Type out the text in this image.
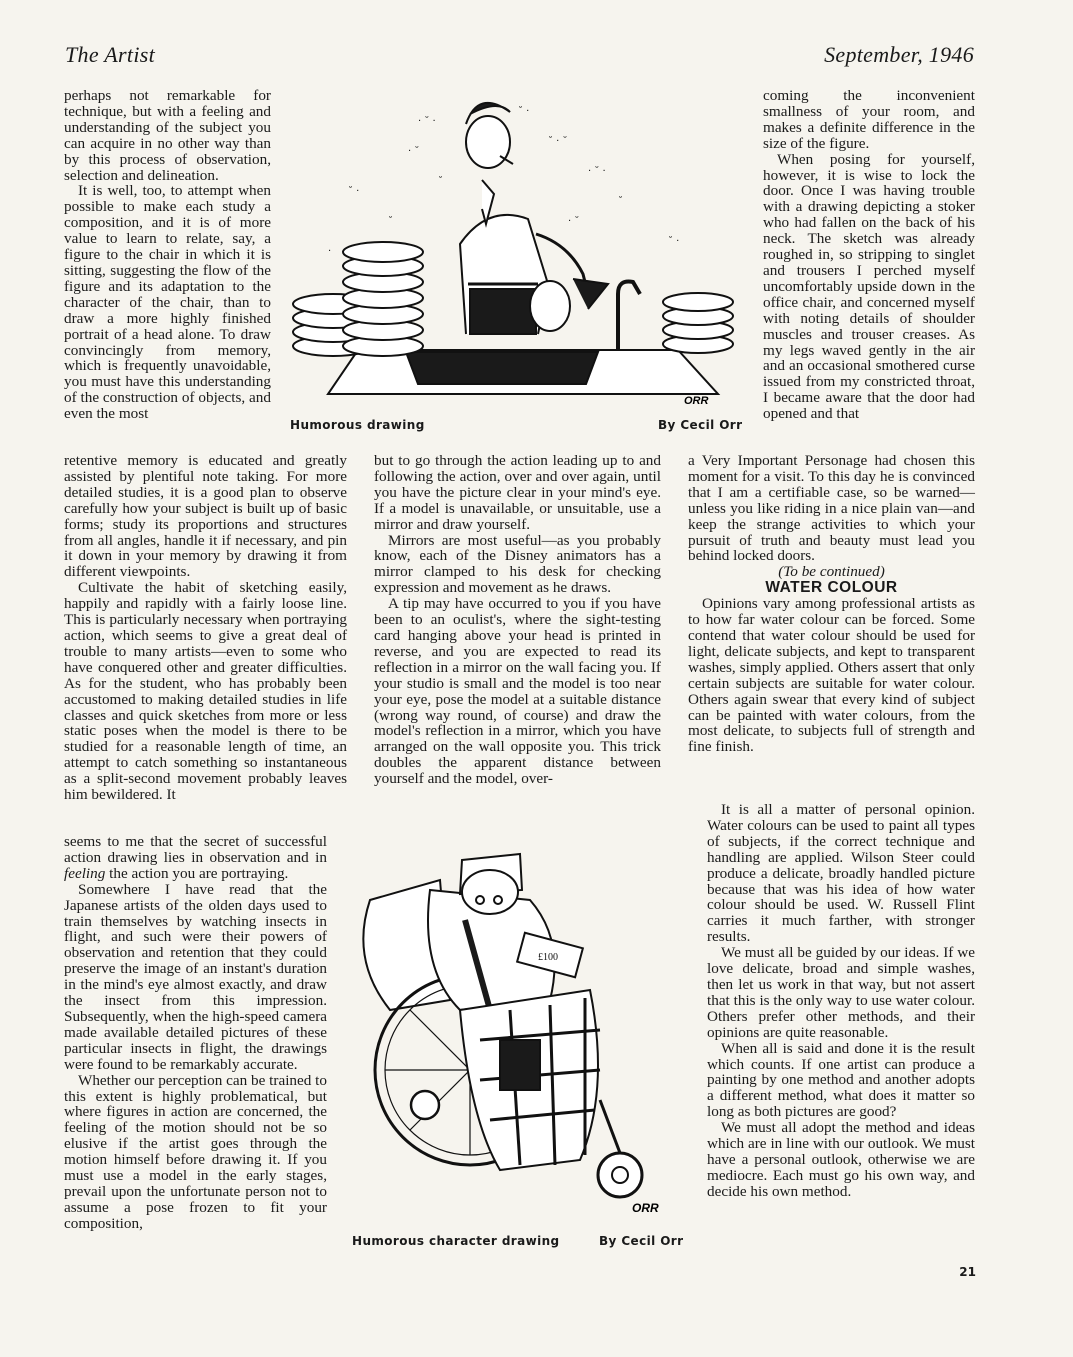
The Artist	September, 1946

perhaps not remarkable for technique, but with a feeling and understanding of the subject you can acquire in no other way than by this process of observation, selection and delineation.

It is well, too, to attempt when possible to make each study a composition, and it is of more value to learn to relate, say, a figure to the chair in which it is sitting, suggesting the flow of the figure and its adaptation to the character of the chair, than to draw a more highly finished portrait of a head alone. To draw convincingly from memory, which is frequently unavoidable, you must have this understanding of the construction of objects, and even the most

retentive memory is educated and greatly assisted by plentiful note taking. For more detailed studies, it is a good plan to observe carefully how your subject is built up of basic forms; study its proportions and structures from all angles, handle it if necessary, and pin it down in your memory by drawing it from different viewpoints.

Cultivate the habit of sketching easily, happily and rapidly with a fairly loose line. This is particularly necessary when portraying action, which seems to give a great deal of trouble to many artists—even to some who have conquered other and greater difficulties. As for the student, who has probably been accustomed to making detailed studies in life classes and quick sketches from more or less static poses when the model is there to be studied for a reasonable length of time, an attempt to catch something so instantaneous as a split-second movement probably leaves him bewildered. It

seems to me that the secret of successful action drawing lies in observation and in feeling the action you are portraying.

Somewhere I have read that the Japanese artists of the olden days used to train themselves by watching insects in flight, and such were their powers of observation and retention that they could preserve the image of an instant's duration in the mind's eye almost exactly, and draw the insect from this impression. Subsequently, when the high-speed camera made available detailed pictures of these particular insects in flight, the drawings were found to be remarkably accurate.

Whether our perception can be trained to this extent is highly problematical, but where figures in action are concerned, the feeling of the motion should not be so elusive if the artist goes through the motion himself before drawing it. If you must use a model in the early stages, prevail upon the unfortunate person not to assume a pose frozen to fit your composition,

but to go through the action leading up to and following the action, over and over again, until you have the picture clear in your mind's eye. If a model is unavailable, or unsuitable, use a mirror and draw yourself.

Mirrors are most useful—as you probably know, each of the Disney animators has a mirror clamped to his desk for checking expression and movement as he draws.

A tip may have occurred to you if you have been to an oculist's, where the sight-testing card hanging above your head is printed in reverse, and you are expected to read its reflection in a mirror on the wall facing you. If your studio is small and the model is too near your eye, pose the model at a suitable distance (wrong way round, of course) and draw the model's reflection in a mirror, which you have arranged on the wall opposite you. This trick doubles the apparent distance between yourself and the model, over-

coming the inconvenient smallness of your room, and makes a definite difference in the size of the figure.

When posing for yourself, however, it is wise to lock the door. Once I was having trouble with a drawing depicting a stoker who had fallen on the back of his neck. The sketch was already roughed in, so stripping to singlet and trousers I perched myself uncomfortably upside down in the office chair, and concerned myself with noting details of shoulder muscles and trouser creases. As my legs waved gently in the air and an occasional smothered curse issued from my constricted throat, I became aware that the door had opened and that

a Very Important Personage had chosen this moment for a visit. To this day he is convinced that I am a certifiable case, so be warned—unless you like riding in a nice plain van—and keep the strange activities to which your pursuit of truth and beauty must lead you behind locked doors.

(To be continued)

WATER COLOUR

Opinions vary among professional artists as to how far water colour can be forced. Some contend that water colour should be used for light, delicate subjects, and kept to transparent washes, simply applied. Others assert that only certain subjects are suitable for water colour. Others again swear that every kind of subject can be painted with water colours, from the most delicate, to subjects full of strength and fine finish.

It is all a matter of personal opinion. Water colours can be used to paint all types of subjects, if the correct technique and handling are applied. Wilson Steer could produce a delicate, broadly handled picture because that was his idea of how water colour should be used. W. Russell Flint carries it much farther, with stronger results.

We must all be guided by our ideas. If we love delicate, broad and simple washes, then let us work in that way, but not assert that this is the only way to use water colour. Others prefer other methods, and their opinions are quite reasonable.

When all is said and done it is the result which counts. If one artist can produce a painting by one method and another adopts a different method, what does it matter so long as both pictures are good?

We must all adopt the method and ideas which are in line with our outlook. We must have a personal outlook, otherwise we are mediocre. Each must go his own way, and decide his own method.

· ˘ ·
˘ ·
˘ · ˘
· ˘
˘
· ˘ ·
˘ ·
˘
·
˘ ·
˘	· ˘
ORR
Humorous drawing	By Cecil Orr
£100
ORR
Humorous character drawing	By Cecil Orr
21
